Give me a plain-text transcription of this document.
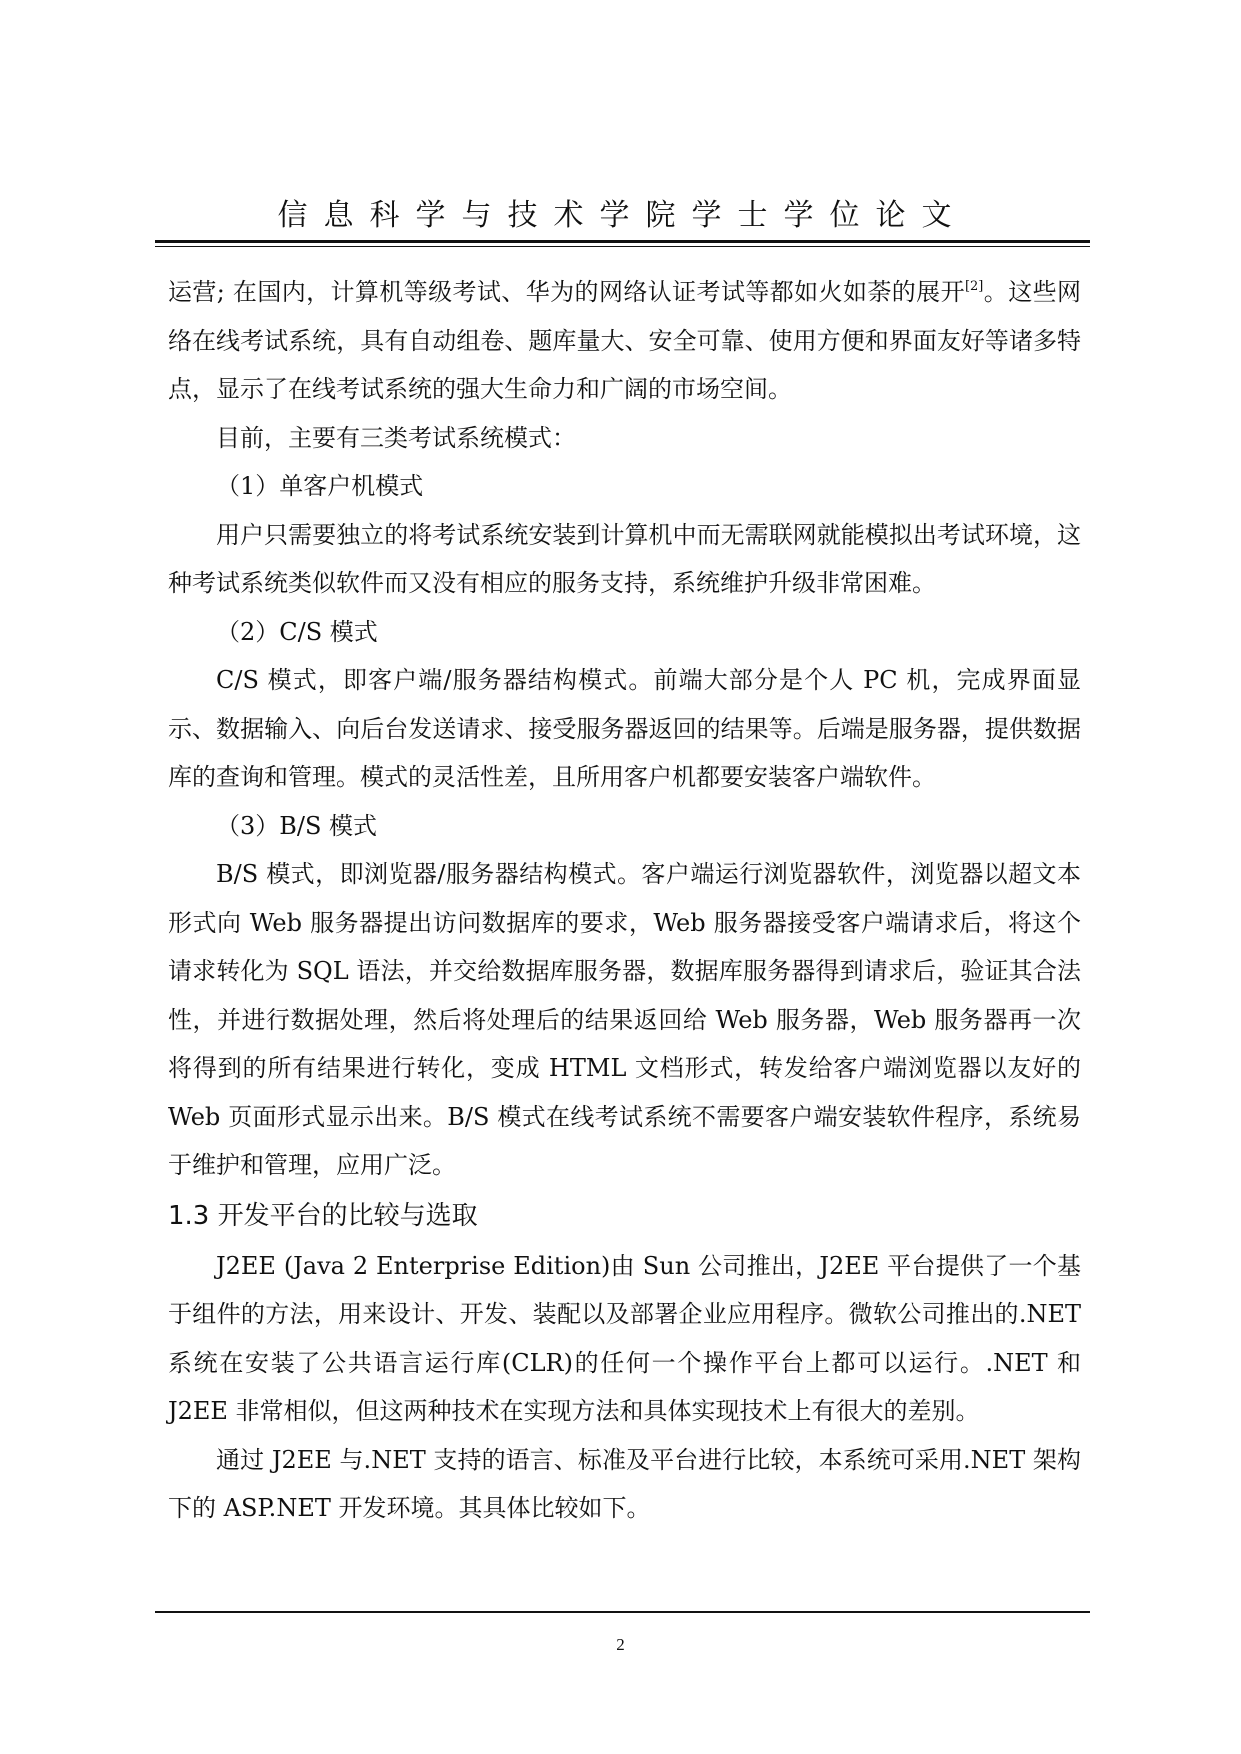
信息科学与技术学院学士学位论文

运营; 在国内，计算机等级考试、华为的网络认证考试等都如火如荼的展开[2]。这些网络在线考试系统，具有自动组卷、题库量大、安全可靠、使用方便和界面友好等诸多特点，显示了在线考试系统的强大生命力和广阔的市场空间。

目前，主要有三类考试系统模式：

（1）单客户机模式

用户只需要独立的将考试系统安装到计算机中而无需联网就能模拟出考试环境，这种考试系统类似软件而又没有相应的服务支持，系统维护升级非常困难。

（2）C/S 模式

C/S 模式，即客户端/服务器结构模式。前端大部分是个人 PC 机，完成界面显示、数据输入、向后台发送请求、接受服务器返回的结果等。后端是服务器，提供数据库的查询和管理。模式的灵活性差，且所用客户机都要安装客户端软件。

（3）B/S 模式

B/S 模式，即浏览器/服务器结构模式。客户端运行浏览器软件，浏览器以超文本形式向 Web 服务器提出访问数据库的要求，Web 服务器接受客户端请求后，将这个请求转化为 SQL 语法，并交给数据库服务器，数据库服务器得到请求后，验证其合法性，并进行数据处理，然后将处理后的结果返回给 Web 服务器，Web 服务器再一次将得到的所有结果进行转化，变成 HTML 文档形式，转发给客户端浏览器以友好的 Web 页面形式显示出来。B/S 模式在线考试系统不需要客户端安装软件程序，系统易于维护和管理，应用广泛。

1.3 开发平台的比较与选取

J2EE (Java 2 Enterprise Edition)由 Sun 公司推出，J2EE 平台提供了一个基于组件的方法，用来设计、开发、装配以及部署企业应用程序。微软公司推出的.NET 系统在安装了公共语言运行库(CLR)的任何一个操作平台上都可以运行。.NET 和 J2EE 非常相似，但这两种技术在实现方法和具体实现技术上有很大的差别。

通过 J2EE 与.NET 支持的语言、标准及平台进行比较，本系统可采用.NET 架构下的 ASP.NET 开发环境。其具体比较如下。

2
